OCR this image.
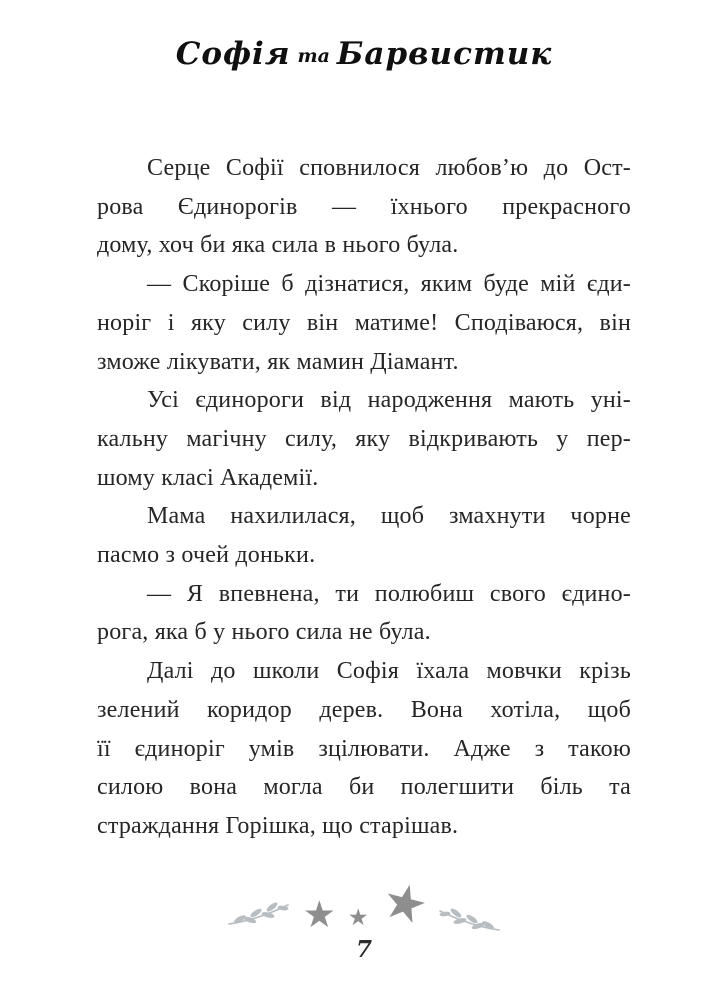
Софія та Барвистик

Серце Софії сповнилося любов’ю до Ост-
рова Єдинорогів — їхнього прекрасного
дому, хоч би яка сила в нього була.

— Скоріше б дізнатися, яким буде мій єди-
норіг і яку силу він матиме! Сподіваюся, він
зможе лікувати, як мамин Діамант.

Усі єдинороги від народження мають уні-
кальну магічну силу, яку відкривають у пер-
шому класі Академії.

Мама нахилилася, щоб змахнути чорне
пасмо з очей доньки.

— Я впевнена, ти полюбиш свого єдино-
рога, яка б у нього сила не була.

Далі до школи Софія їхала мовчки крізь
зелений коридор дерев. Вона хотіла, щоб
її єдиноріг умів зцілювати. Адже з такою
силою вона могла би полегшити біль та
страждання Горішка, що старішав.

★ ★ ★
7
